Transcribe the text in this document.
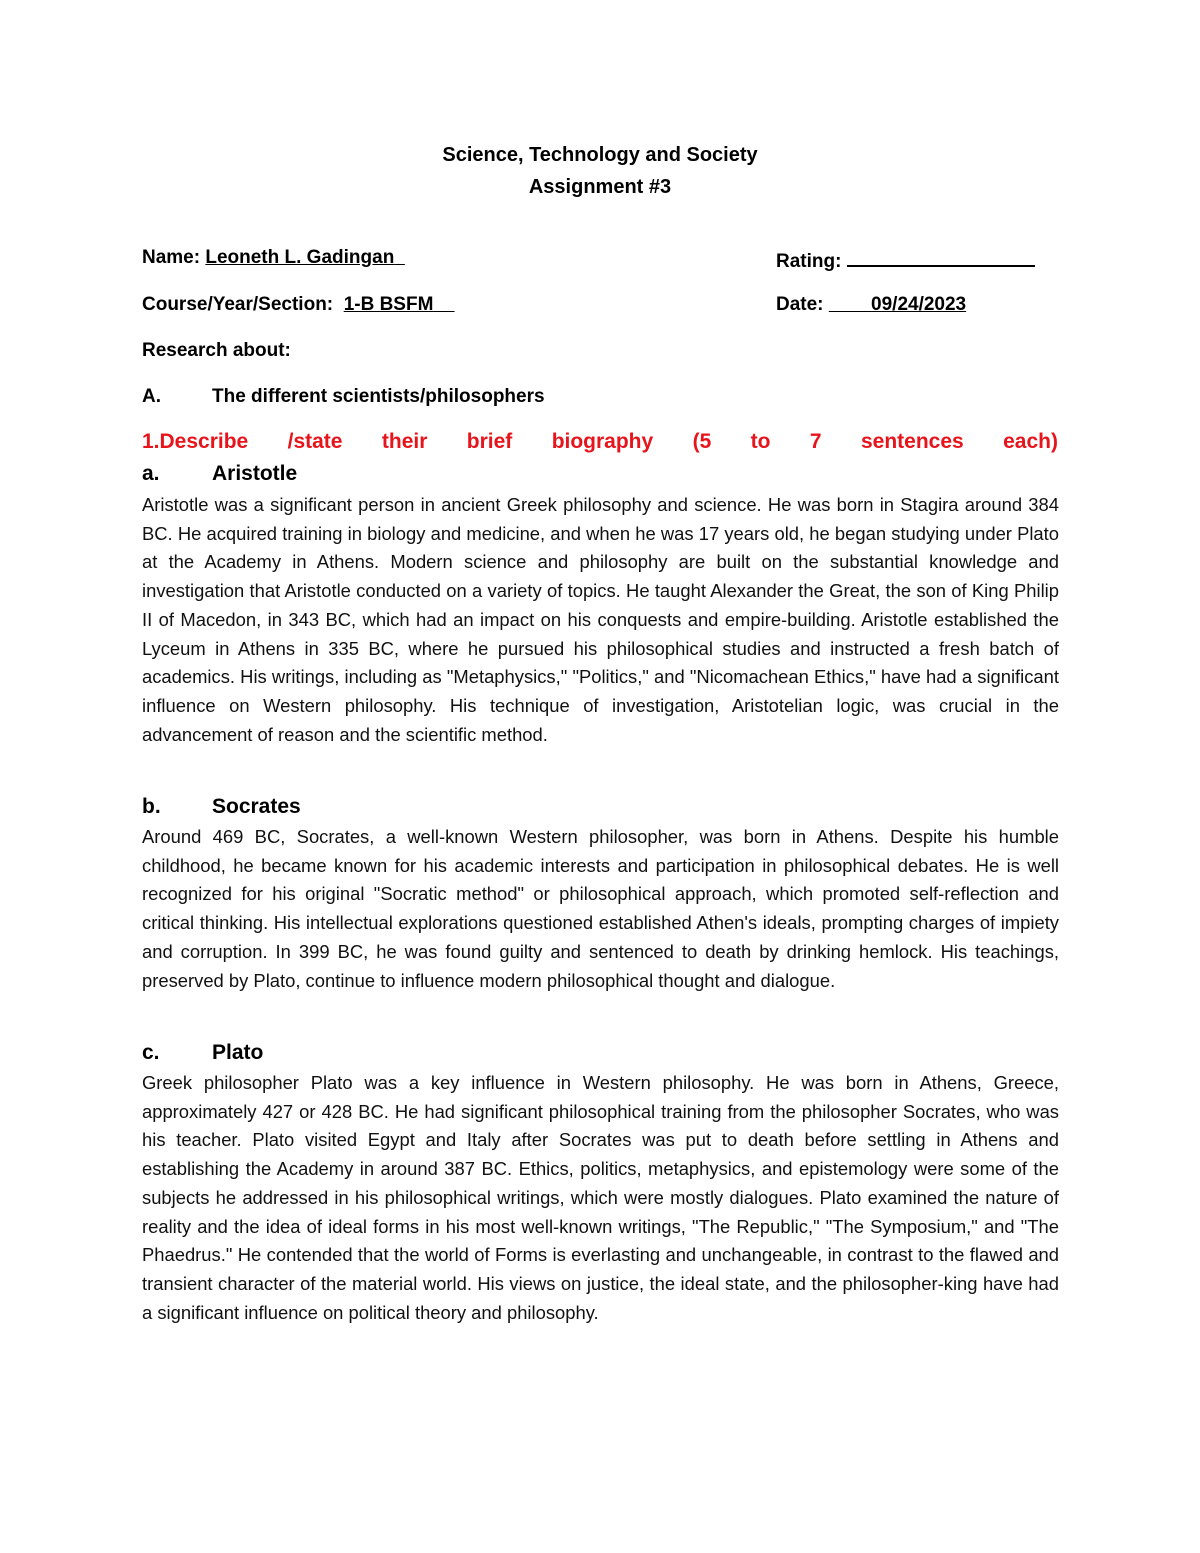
Science, Technology and Society
Assignment #3
Name: Leoneth L. Gadingan	Rating:
Course/Year/Section: 1-B BSFM	Date:	09/24/2023
Research about:
A.	The different scientists/philosophers
1.Describe /state their brief biography (5 to 7 sentences each)
a. Aristotle
Aristotle was a significant person in ancient Greek philosophy and science. He was born in Stagira around 384 BC. He acquired training in biology and medicine, and when he was 17 years old, he began studying under Plato at the Academy in Athens. Modern science and philosophy are built on the substantial knowledge and investigation that Aristotle conducted on a variety of topics. He taught Alexander the Great, the son of King Philip II of Macedon, in 343 BC, which had an impact on his conquests and empire-building. Aristotle established the Lyceum in Athens in 335 BC, where he pursued his philosophical studies and instructed a fresh batch of academics. His writings, including as "Metaphysics," "Politics," and "Nicomachean Ethics," have had a significant influence on Western philosophy. His technique of investigation, Aristotelian logic, was crucial in the advancement of reason and the scientific method.
b. Socrates
Around 469 BC, Socrates, a well-known Western philosopher, was born in Athens. Despite his humble childhood, he became known for his academic interests and participation in philosophical debates. He is well recognized for his original "Socratic method" or philosophical approach, which promoted self-reflection and critical thinking. His intellectual explorations questioned established Athen's ideals, prompting charges of impiety and corruption. In 399 BC, he was found guilty and sentenced to death by drinking hemlock. His teachings, preserved by Plato, continue to influence modern philosophical thought and dialogue.
c. Plato
Greek philosopher Plato was a key influence in Western philosophy. He was born in Athens, Greece, approximately 427 or 428 BC. He had significant philosophical training from the philosopher Socrates, who was his teacher. Plato visited Egypt and Italy after Socrates was put to death before settling in Athens and establishing the Academy in around 387 BC. Ethics, politics, metaphysics, and epistemology were some of the subjects he addressed in his philosophical writings, which were mostly dialogues. Plato examined the nature of reality and the idea of ideal forms in his most well-known writings, "The Republic," "The Symposium," and "The Phaedrus." He contended that the world of Forms is everlasting and unchangeable, in contrast to the flawed and transient character of the material world. His views on justice, the ideal state, and the philosopher-king have had a significant influence on political theory and philosophy.
